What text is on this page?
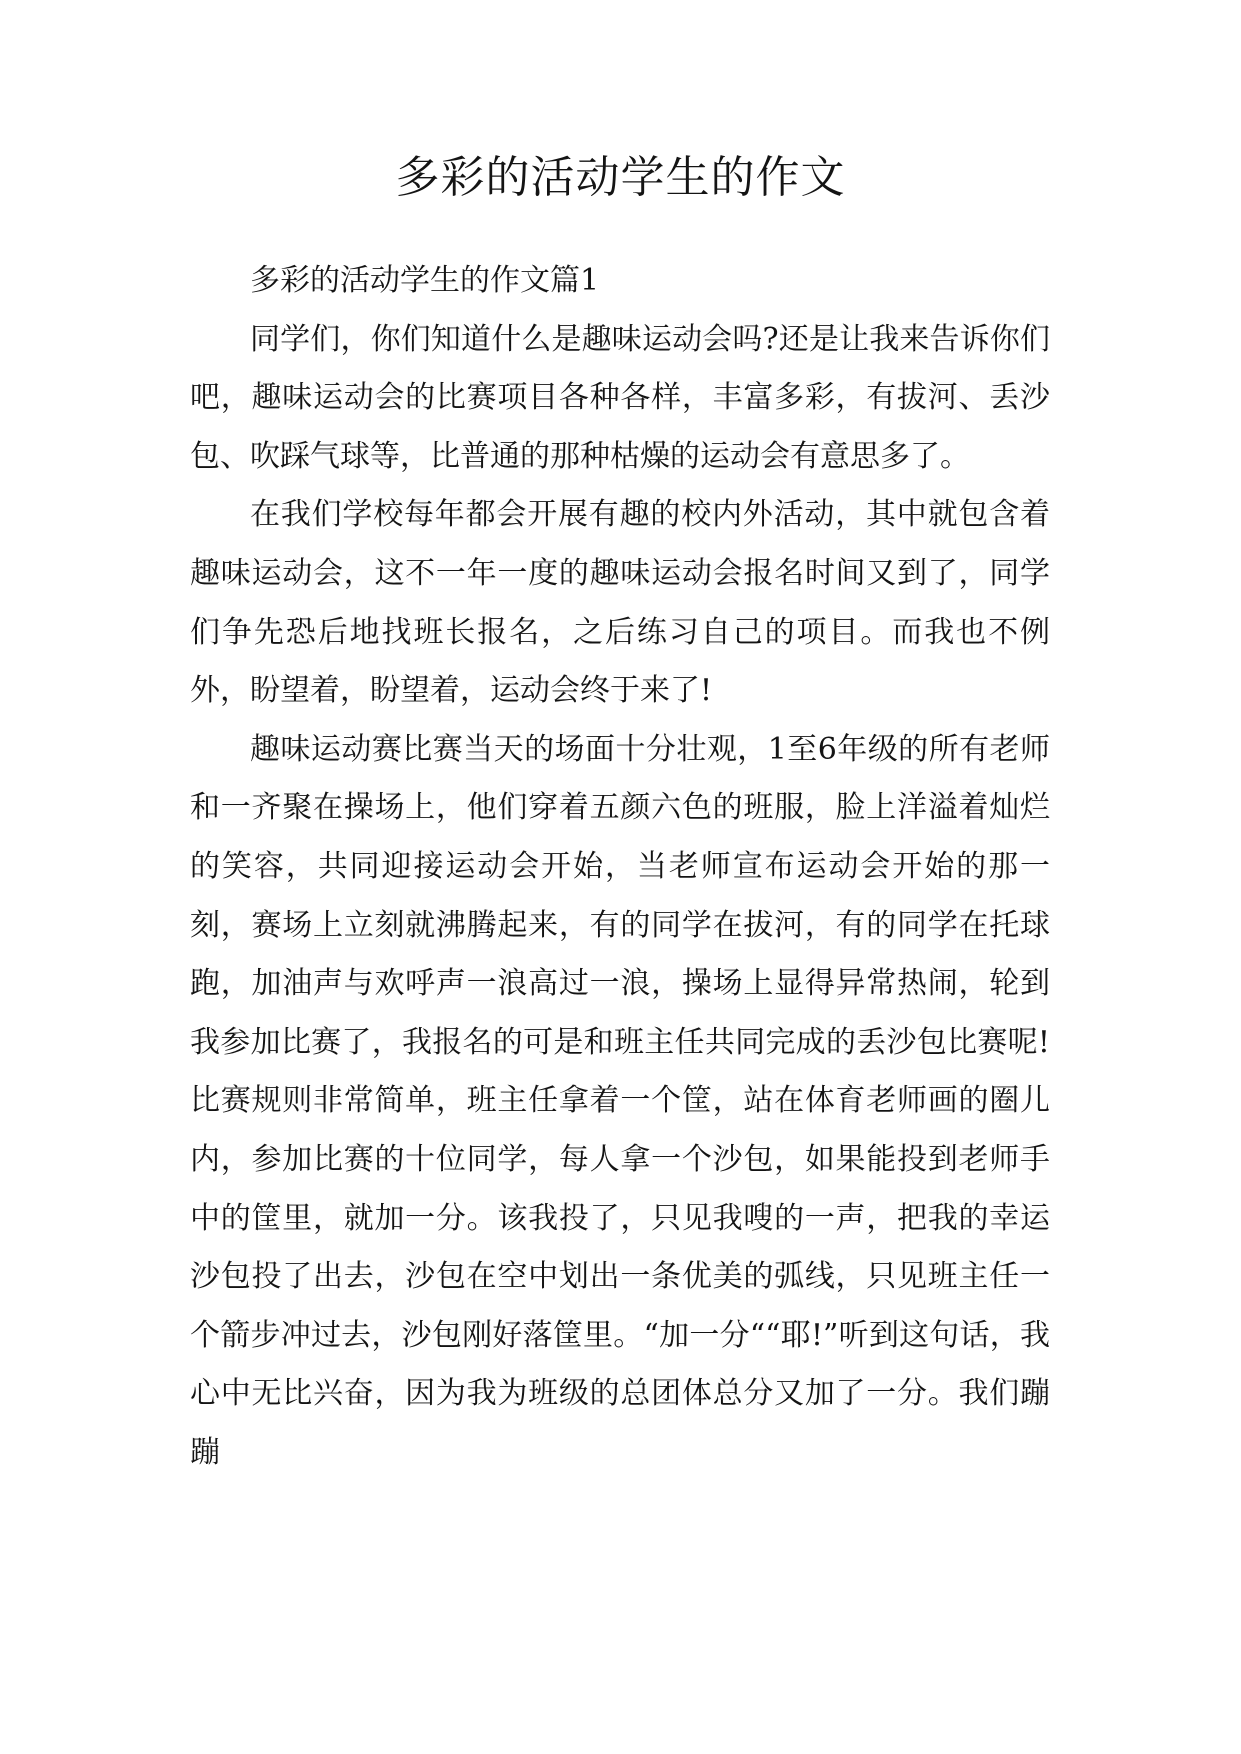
多彩的活动学生的作文

多彩的活动学生的作文篇1

同学们，你们知道什么是趣味运动会吗?还是让我来告诉你们吧，趣味运动会的比赛项目各种各样，丰富多彩，有拔河、丢沙包、吹踩气球等，比普通的那种枯燥的运动会有意思多了。

在我们学校每年都会开展有趣的校内外活动，其中就包含着趣味运动会，这不一年一度的趣味运动会报名时间又到了，同学们争先恐后地找班长报名，之后练习自己的项目。而我也不例外，盼望着，盼望着，运动会终于来了!

趣味运动赛比赛当天的场面十分壮观，1至6年级的所有老师和一齐聚在操场上，他们穿着五颜六色的班服，脸上洋溢着灿烂的笑容，共同迎接运动会开始，当老师宣布运动会开始的那一刻，赛场上立刻就沸腾起来，有的同学在拔河，有的同学在托球跑，加油声与欢呼声一浪高过一浪，操场上显得异常热闹，轮到我参加比赛了，我报名的可是和班主任共同完成的丢沙包比赛呢!比赛规则非常简单，班主任拿着一个筐，站在体育老师画的圈儿内，参加比赛的十位同学，每人拿一个沙包，如果能投到老师手中的筐里，就加一分。该我投了，只见我嗖的一声，把我的幸运沙包投了出去，沙包在空中划出一条优美的弧线，只见班主任一个箭步冲过去，沙包刚好落筐里。“加一分““耶!”听到这句话，我心中无比兴奋，因为我为班级的总团体总分又加了一分。我们蹦蹦
